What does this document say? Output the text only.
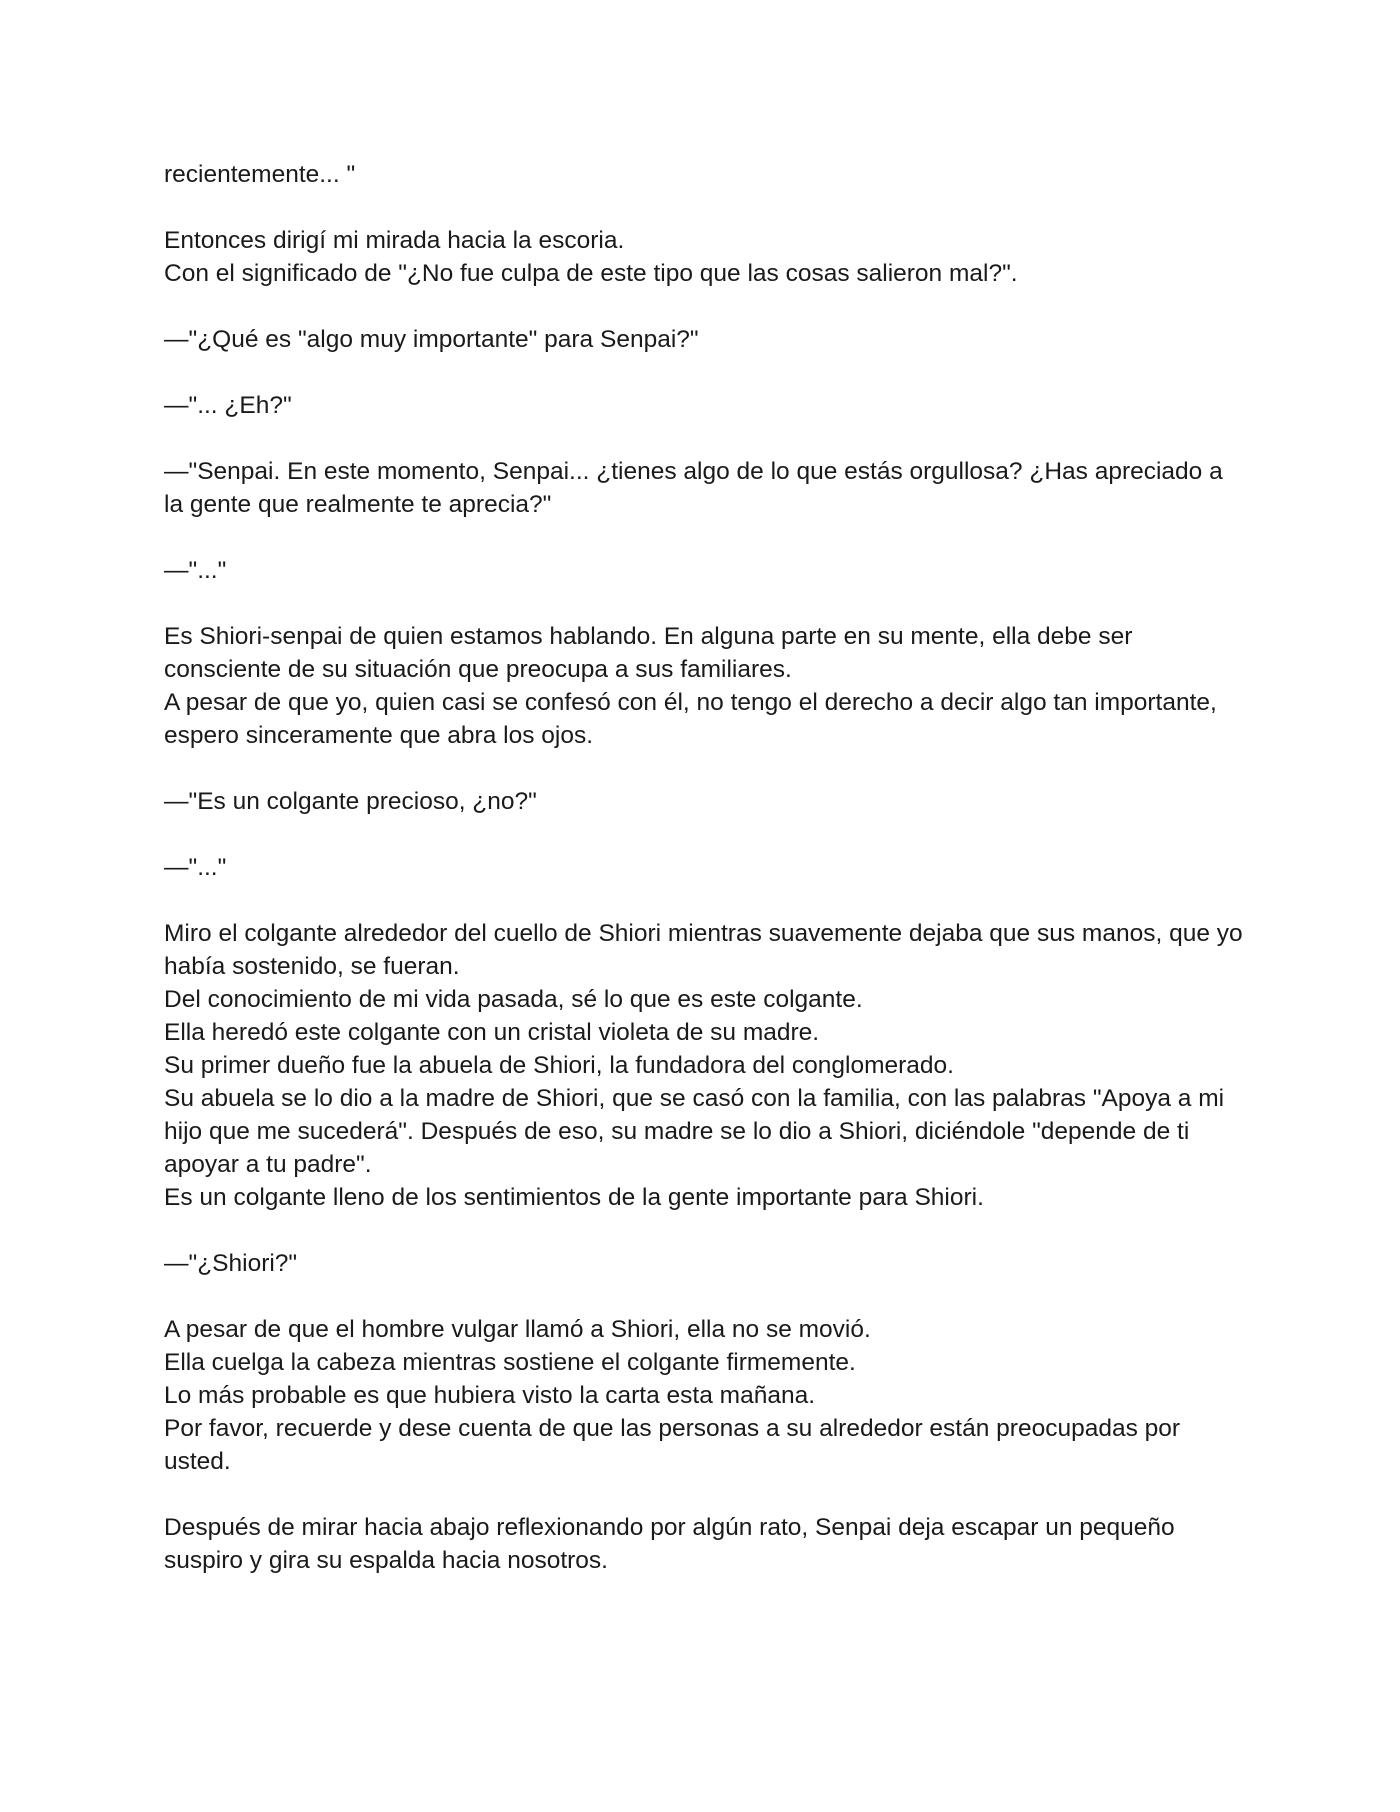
recientemente... "
Entonces dirigí mi mirada hacia la escoria.
Con el significado de "¿No fue culpa de este tipo que las cosas salieron mal?".
—"¿Qué es "algo muy importante" para Senpai?"
—"... ¿Eh?"
—"Senpai. En este momento, Senpai... ¿tienes algo de lo que estás orgullosa? ¿Has apreciado a la gente que realmente te aprecia?"
—"..."
Es Shiori-senpai de quien estamos hablando. En alguna parte en su mente, ella debe ser consciente de su situación que preocupa a sus familiares.
A pesar de que yo, quien casi se confesó con él, no tengo el derecho a decir algo tan importante, espero sinceramente que abra los ojos.
—"Es un colgante precioso, ¿no?"
—"..."
Miro el colgante alrededor del cuello de Shiori mientras suavemente dejaba que sus manos, que yo había sostenido, se fueran.
Del conocimiento de mi vida pasada, sé lo que es este colgante.
Ella heredó este colgante con un cristal violeta de su madre.
Su primer dueño fue la abuela de Shiori, la fundadora del conglomerado.
Su abuela se lo dio a la madre de Shiori, que se casó con la familia, con las palabras "Apoya a mi hijo que me sucederá". Después de eso, su madre se lo dio a Shiori, diciéndole "depende de ti apoyar a tu padre".
Es un colgante lleno de los sentimientos de la gente importante para Shiori.
—"¿Shiori?"
A pesar de que el hombre vulgar llamó a Shiori, ella no se movió.
Ella cuelga la cabeza mientras sostiene el colgante firmemente.
Lo más probable es que hubiera visto la carta esta mañana.
Por favor, recuerde y dese cuenta de que las personas a su alrededor están preocupadas por usted.
Después de mirar hacia abajo reflexionando por algún rato, Senpai deja escapar un pequeño suspiro y gira su espalda hacia nosotros.
